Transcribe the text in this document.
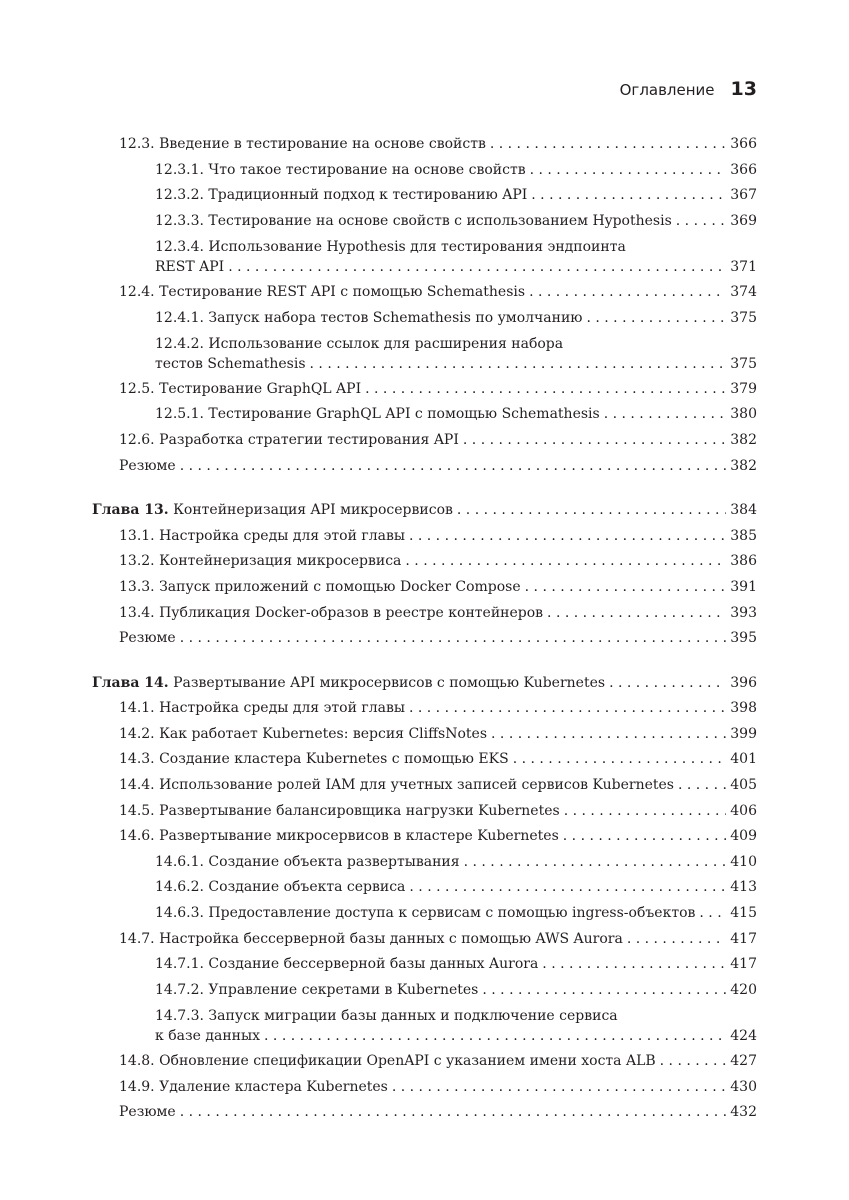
Оглавление 13
12.3. Введение в тестирование на основе свойств . . .	366
12.3.1. Что такое тестирование на основе свойств . . .	366
12.3.2. Традиционный подход к тестированию API . . .	367
12.3.3. Тестирование на основе свойств с использованием Hypothesis . . .	369
12.3.4. Использование Hypothesis для тестирования эндпоинта
REST API . . .	371
12.4. Тестирование REST API с помощью Schemathesis . . .	374
12.4.1. Запуск набора тестов Schemathesis по умолчанию . . .	375
12.4.2. Использование ссылок для расширения набора
тестов Schemathesis . . .	375
12.5. Тестирование GraphQL API . . .	379
12.5.1. Тестирование GraphQL API с помощью Schemathesis . . .	380
12.6. Разработка стратегии тестирования API . . .	382
Резюме . . .	382
Глава 13. Контейнеризация API микросервисов . . .	384
13.1. Настройка среды для этой главы . . .	385
13.2. Контейнеризация микросервиса . . .	386
13.3. Запуск приложений с помощью Docker Compose . . .	391
13.4. Публикация Docker-образов в реестре контейнеров . . .	393
Резюме . . .	395
Глава 14. Развертывание API микросервисов с помощью Kubernetes . . .	396
14.1. Настройка среды для этой главы . . .	398
14.2. Как работает Kubernetes: версия CliffsNotes . . .	399
14.3. Создание кластера Kubernetes с помощью EKS . . .	401
14.4. Использование ролей IAM для учетных записей сервисов Kubernetes . . .	405
14.5. Развертывание балансировщика нагрузки Kubernetes . . .	406
14.6. Развертывание микросервисов в кластере Kubernetes . . .	409
14.6.1. Создание объекта развертывания . . .	410
14.6.2. Создание объекта сервиса . . .	413
14.6.3. Предоставление доступа к сервисам с помощью ingress-объектов . . . 415
14.7. Настройка бессерверной базы данных с помощью AWS Aurora . . .	417
14.7.1. Создание бессерверной базы данных Aurora . . .	417
14.7.2. Управление секретами в Kubernetes . . .	420
14.7.3. Запуск миграции базы данных и подключение сервиса
к базе данных . . .	424
14.8. Обновление спецификации OpenAPI с указанием имени хоста ALB . . .	427
14.9. Удаление кластера Kubernetes . . .	430
Резюме . . .	432
